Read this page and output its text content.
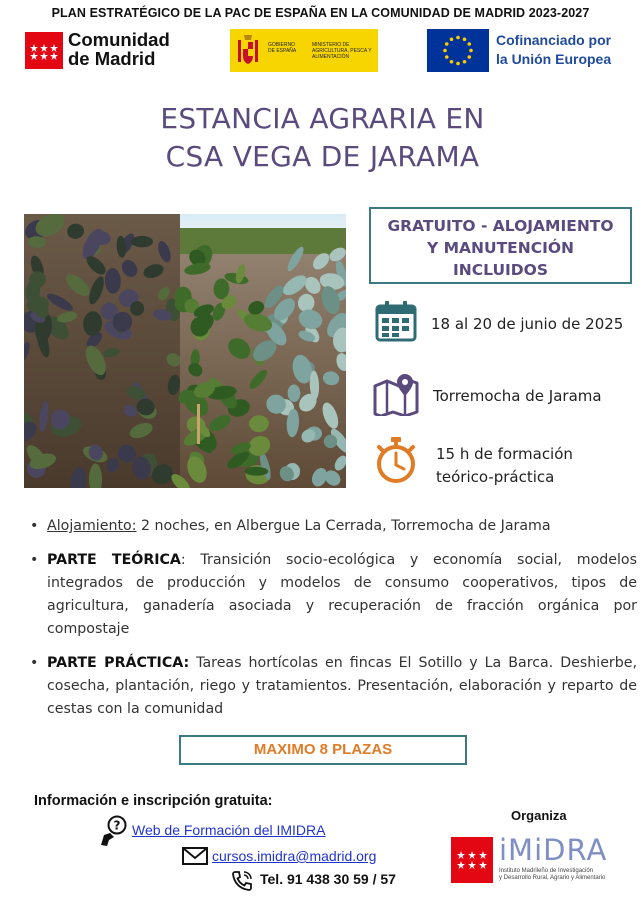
PLAN ESTRATÉGICO DE LA PAC DE ESPAÑA EN LA COMUNIDAD DE MADRID 2023-2027
Comunidad
de Madrid
GOBIERNO DE ESPAÑA
MINISTERIO DE AGRICULTURA, PESCA Y ALIMENTACIÓN
Cofinanciado por
la Unión Europea
ESTANCIA AGRARIA EN
CSA VEGA DE JARAMA
GRATUITO - ALOJAMIENTO
Y MANUTENCIÓN
INCLUIDOS
18 al 20 de junio de 2025
Torremocha de Jarama
15 h de formación
teórico-práctica
•
Alojamiento: 2 noches, en Albergue La Cerrada, Torremocha de Jarama
•
PARTE TEÓRICA: Transición socio-ecológica y economía social, modelos integrados de producción y modelos de consumo cooperativos, tipos de agricultura, ganadería asociada y recuperación de fracción orgánica por compostaje
•
PARTE PRÁCTICA: Tareas hortícolas en fincas El Sotillo y La Barca. Deshierbe, cosecha, plantación, riego y tratamientos. Presentación, elaboración y reparto de cestas con la comunidad
MAXIMO 8 PLAZAS
Información e inscripción gratuita:
? Web de Formación del IMIDRA
cursos.imidra@madrid.org
Tel. 91 438 30 59 / 57
Organiza
iMiDRA
Instituto Madrileño de Investigación
y Desarrollo Rural, Agrario y Alimentario
